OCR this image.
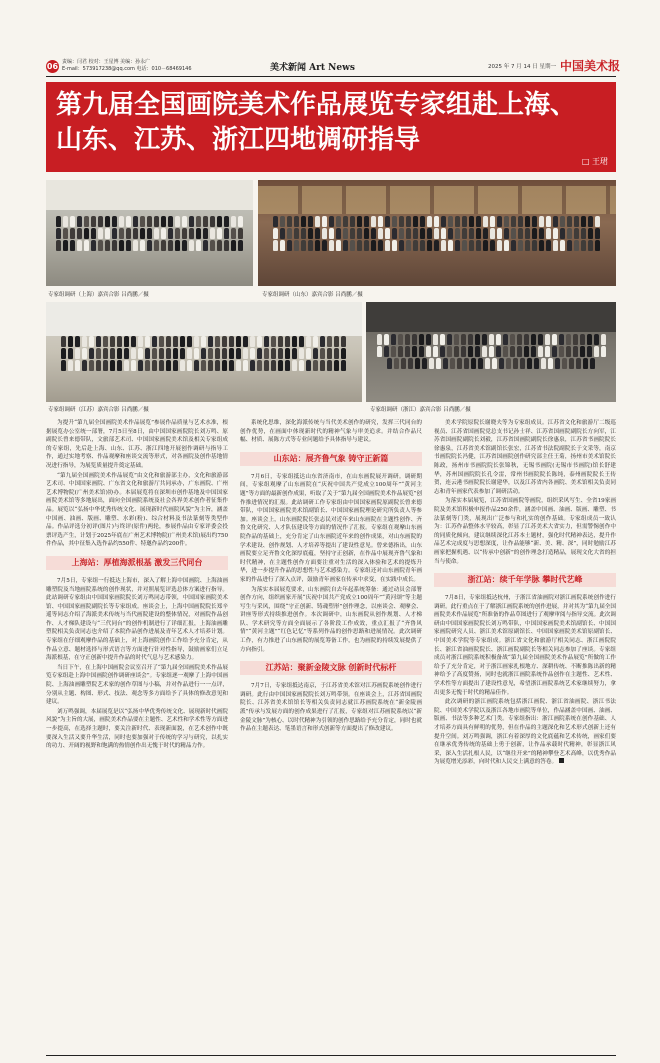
06 责编：闫君 校对：王星博 美编：孙永广
E-mail：573917238@qq.com 电话：010－68469146	美术新闻 Art News	2025 年 7 月 14 日 星期一 中国美术报
第九届全国画院美术作品展览专家组赴上海、
山东、江苏、浙江四地调研指导
□ 王珺
专家组调研（上海）嘉宾合影 吕尚鹏／摄	专家组调研（山东）嘉宾合影 吕尚鹏／摄
专家组调研（江苏）嘉宾合影 吕尚鹏／摄	专家组调研（浙江）嘉宾合影 吕尚鹏／摄

为提升“第九届全国画院美术作品展览”参展作品质量与艺术水准，根据展览办公室统一部署，7月5日至8日，由中国国家画院院长刘万鸣、原副院长曾来德带队，文旅部艺术司、中国国家画院美术馆及相关专家组成的专家组，先后赴上海、山东、江苏、浙江四地开展创作调研与指导工作，通过实地考察、作品观摩和座谈交流等形式，对各画院及创作基地情况进行指导，为展览质量提升奠定基础。

“第九届全国画院美术作品展览”由文化和旅游部主办，文化和旅游部艺术司、中国国家画院、广东省文化和旅游厅共同承办，广东画院、广州艺术博物院(广州美术馆)协办。本届展览将在深圳市创作基地及中国国家画院美术馆等多地展出，面向全国画院系统及社会各界美术创作者征集作品。展览以“弘扬中华优秀传统文化、展现新时代画院风貌”为主旨，涵盖中国画、油画、版画、雕塑、水彩(粉)、综合材料及书法篆刻等类型作品。作品评选分初评(图片)与终评(原件)两轮，参展作品由专家评委会投票评选产生，计划于2025年底在广州艺术博物院(广州美术馆)展出约750件作品，其中征集入选作品约550件、特邀作品约200件。

上海站：厚植海派根基 激发三代同台

7月5日，专家组一行抵达上海市，深入了解上海中国画院、上海油画雕塑院及当地画院系统的创作现状，并对照展览评选总体方案进行指导。此站调研专家组由中国国家画院院长刘万鸣同志带领，中国国家画院美术馆、中国国家画院副院长等专家组成。座谈会上，上海中国画院院长郑辛遥等同志介绍了海派美术传统与当代画院建设的整体情况，对画院作品创作、人才梯队建设与“三代同台”的创作机制进行了详细汇报，上海油画雕塑院相关负责同志也介绍了本院作品创作进展及青年艺术人才培养计划。专家组在仔细观摩作品的基础上，对上海画院创作工作给予充分肯定，从作品立意、题材选择与形式语言等方面进行针对性指导，鼓励画家们立足海派根基，在守正创新中提升作品的时代气息与艺术感染力。

当日下午，在上海中国画院会议室召开了“第九届全国画院美术作品展览专家组赴上海中国画院创作调研座谈会”。专家组逐一观摩了上海中国画院、上海油画雕塑院艺术家的创作草图与小稿，并对作品进行一一点评，分别从主题、构图、形式、技法、观念等多方面给予了具体的修改意见和建议。

刘万鸣强调，本届展览是以“弘扬中华优秀传统文化、展现新时代画院风貌”为主旨的大展，画院美术作品要在主题性、艺术性和学术性等方面进一步提高，在选择主题时，要关注新时代、表现新面貌，在艺术创作中既要深入生活又要升华生活，同时也要加强对于传统的学习与研究，以扎实的功力、开阔的视野和饱满的热情创作出无愧于时代的精品力作。

系统化思维，深化海派传统与当代美术创作的研究，发挥三代同台的创作优势，在画面中体现新时代的精神气象与审美追求。并结合作品尺幅、材质、展陈方式等专业问题给予具体指导与建议。

山东站：展齐鲁气象 铸守正新篇

7月6日，专家组抵达山东省济南市，在山东画院展开调研。调研期间，专家组观摩了山东画院在“庆祝中国共产党成立100周年”“黄河主题”等方面的最新创作成果，听取了关于“第九届全国画院美术作品展览”创作推进情况的汇报。此站调研工作专家组由中国国家画院原副院长曾来德带队，中国国家画院美术馆副馆长、中国国家画院理论研究所负责人等参加。座谈会上，山东画院院长张志民对近年来山东画院在主题性创作、齐鲁文化研究、人才队伍建设等方面的情况作了汇报。专家组在观摩山东画院作品的基础上，充分肯定了山东画院近年来的创作成果，对山东画院的学术建设、创作规划、人才培养等提出了建设性意见。曾来德指出，山东画院要立足齐鲁文化深厚底蕴，坚持守正创新，在作品中展现齐鲁气象和时代精神，在主题性创作方面要注重对生活的深入体验和艺术的提炼升华，进一步提升作品的思想性与艺术感染力。专家组还对山东画院青年画家的作品进行了深入点评，鼓励青年画家在传承中求变，在实践中成长。

为落实本届展览要求，山东画院自去年起系统筹备：通过动员会部署创作方向，组织画家开展“庆祝中国共产党成立100周年”“黄河颂”等主题写生与采风，围绕“守正创新、铸魂塑形”创作理念，以座谈会、观摩会、讲座等形式持续推进创作。本次调研中，山东画院从创作规划、人才梯队、学术研究等方面全面展示了各阶段工作成效，重点汇报了“齐鲁风情”“黄河主题”“红色记忆”等系列作品的创作思路和进展情况。此次调研工作，有力推进了山东画院的展览筹备工作，也为画院的持续发展提供了方向指引。

江苏站：聚新金陵文脉 创新时代标杆

7月7日，专家组抵达南京，于江苏省美术馆对江苏画院系统创作进行调研。此行由中国国家画院院长刘万鸣带领。在座谈会上，江苏省国画院院长、江苏省美术馆馆长等相关负责同志就江苏画院系统在“新金陵画派”传承与发展方面的创作成果进行了汇报，专家组对江苏画院系统以“新金陵文脉”为核心、以时代精神为引领的创作思路给予充分肯定，同时也就作品在主题表达、笔墨语言和形式创新等方面提出了修改建议。

美术学院原院长谢晓夫等为专家组成员。江苏省文化和旅游厅二级巡视员、江苏省国画院党总支书记孙士祥、江苏省国画院副院长方向军，江苏省国画院副院长刘毅，江苏省国画院副院长徐惠泉，江苏省书画院院长徐惠泉，江苏省美术馆副馆长张宏，江苏省书法院副院长于文采等，南京书画院院长冯健，江苏省国画院创作研究部主任王菊，扬州市美术馆院长陈政，扬州市书画院院长张锦秋，无锡书画院(无锡市书画院)馆长舒建华，苏州国画院院长孔令雷，常州书画院院长陈纯，泰州画院院长王传贺，连云港书画院院长谢建华，以及江苏省内各画院、美术馆相关负责同志和青年画家代表参加了调研活动。

为落实本届展览，江苏省国画院等画院，组织采风写生、全省19家画院及美术馆积极申报作品250余件，涵盖中国画、油画、版画、雕塑、书法篆刻等门类，展现出广泛参与和扎实的创作基础。专家组成员一致认为：江苏作品整体水平较高，彰显了江苏美术大省实力，但需警惕创作中的同质化倾向，建议继续深化江苏本土题材，强化时代精神表达，提升作品艺术完成度与思想深度，让作品能够“新、美、精、深”，同时勉励江苏画家把握机遇、以“传承中创新”的创作理念打造精品，展现文化大省的担当与使命。

浙江站：续千年学脉 攀时代艺峰

7月8日，专家组抵达杭州，于浙江省油画院对浙江画院系统创作进行调研。此行重点在于了解浙江画院系统的创作进展，并对其为“第九届全国画院美术作品展览”所准备的作品草图进行了观摩审阅与指导交流。此次调研由中国国家画院院长刘万鸣带队，中国国家画院美术馆副馆长、中国国家画院研究人员、浙江美术馆原副馆长、中国国家画院美术馆原副馆长、中国美术学院等专家组成。浙江省文化和旅游厅相关同志、浙江画院院长、浙江省油画院院长、浙江画院副院长等相关同志参加了座谈。专家组成员对浙江画院系统积极备战“第九届全国画院美术作品展览”所做的工作给予了充分肯定，对于浙江画家扎根地方、深耕传统、不断推陈出新的精神给予了高度赞扬，同时也就浙江画院系统作品创作在主题性、艺术性、学术性等方面提出了建设性意见，希望浙江画院系统艺术家继续努力，拿出更多无愧于时代的精品佳作。

此次调研的浙江画院系统包括浙江画院、浙江省油画院、浙江书法院、中国美术学院以及浙江各地市画院等单位，作品涵盖中国画、油画、版画、书法等多种艺术门类。专家组指出：浙江画院系统在创作基础、人才培养方面具有鲜明的优势，但在作品的主题深化和艺术形式创新上还有提升空间。刘万鸣强调，浙江有着深厚的文化底蕴和艺术传统，画家们要在继承优秀传统的基础上勇于创新，让作品承载时代精神，彰显浙江风采，深入生活扎根人民，以“继往开来”的精神攀登艺术高峰，以优秀作品为展览增光添彩，向时代和人民交上满意的答卷。
